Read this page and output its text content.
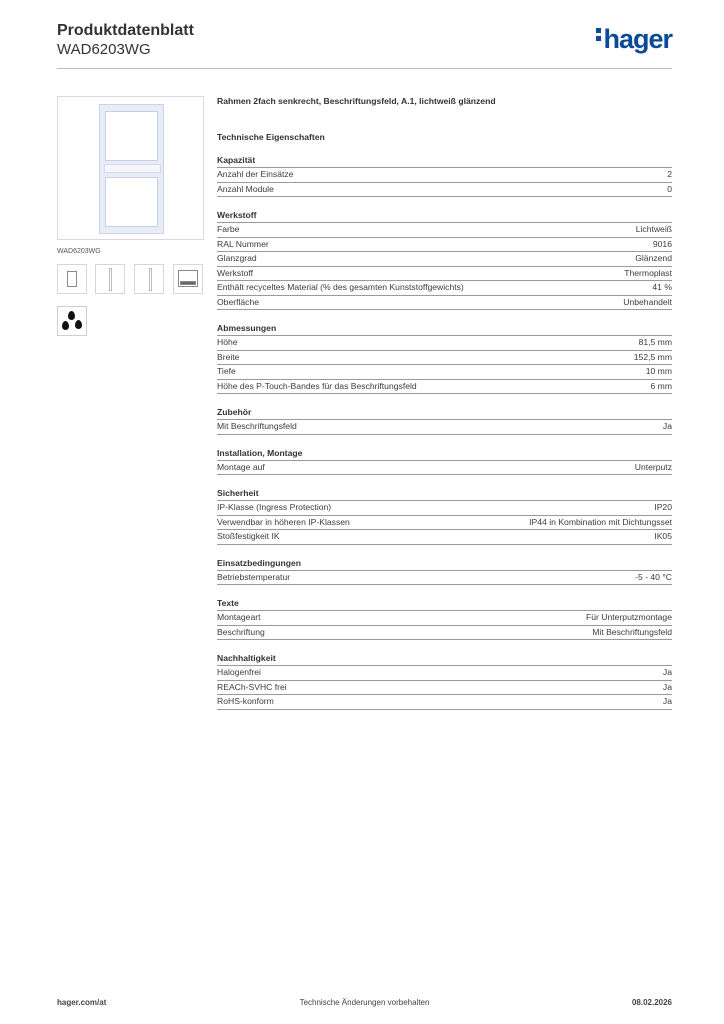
Produktdatenblatt
WAD6203WG	hager
WAD6203WG
Rahmen 2fach senkrecht, Beschriftungsfeld, A.1, lichtweiß glänzend
Technische Eigenschaften
Kapazität
Anzahl der Einsätze	2
Anzahl Module	0
Werkstoff
Farbe	Lichtweiß
RAL Nummer	9016
Glanzgrad	Glänzend
Werkstoff	Thermoplast
Enthält recyceltes Material (% des gesamten Kunststoffgewichts)	41 %
Oberfläche	Unbehandelt
Abmessungen
Höhe	81,5 mm
Breite	152,5 mm
Tiefe	10 mm
Höhe des P-Touch-Bandes für das Beschriftungsfeld	6 mm
Zubehör
Mit Beschriftungsfeld	Ja
Installation, Montage
Montage auf	Unterputz
Sicherheit
IP-Klasse (Ingress Protection)	IP20
Verwendbar in höheren IP-Klassen	IP44 in Kombination mit Dichtungsset
Stoßfestigkeit IK	IK05
Einsatzbedingungen
Betriebstemperatur	-5 - 40 °C
Texte
Montageart	Für Unterputzmontage
Beschriftung	Mit Beschriftungsfeld
Nachhaltigkeit
Halogenfrei	Ja
REACh-SVHC frei	Ja
RoHS-konform	Ja
hager.com/at	Technische Änderungen vorbehalten	08.02.2026
